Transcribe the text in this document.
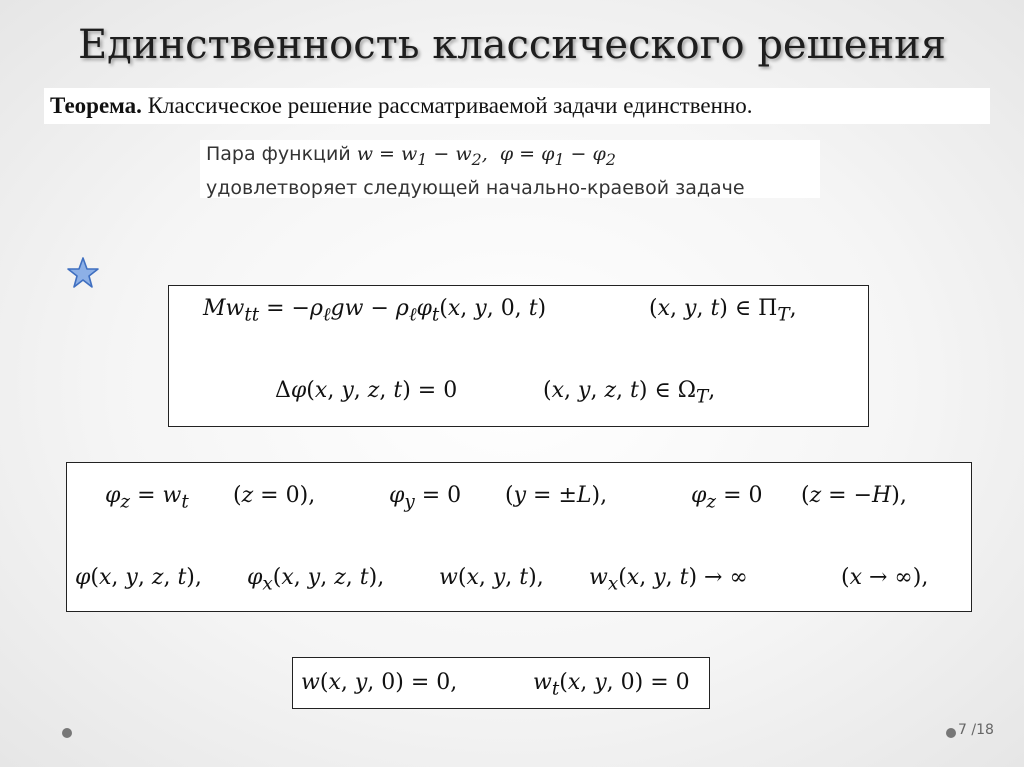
Единственность классического решения
Теорема. Классическое решение рассматриваемой задачи единственно.
Пара функций $w = w_1 - w_2$,  $\varphi = \varphi_1 - \varphi_2$
удовлетворяет следующей начально-краевой задаче
$Mw_{tt} = -\rho_\ell gw - \rho_\ell\varphi_t(x$, y, 0, t)	(x, y, t) ∈ $\Pi_T$,
Δφ(x, y, z, t) = 0	(x, y, z, t) ∈ $\Omega_T$,
$\varphi_z = w_t$ (z = 0),	$\varphi_y = 0$ (y = ±L),	$\varphi_z = 0$ (z = −H),
φ(x, y, z, t), $\varphi_x(x$, y, z, t), w(x, y, t), $w_x(x$, y, t) → ∞	(x → ∞),
w(x, y, 0) = 0,	$w_t(x$, y, 0) = 0
7 /18
